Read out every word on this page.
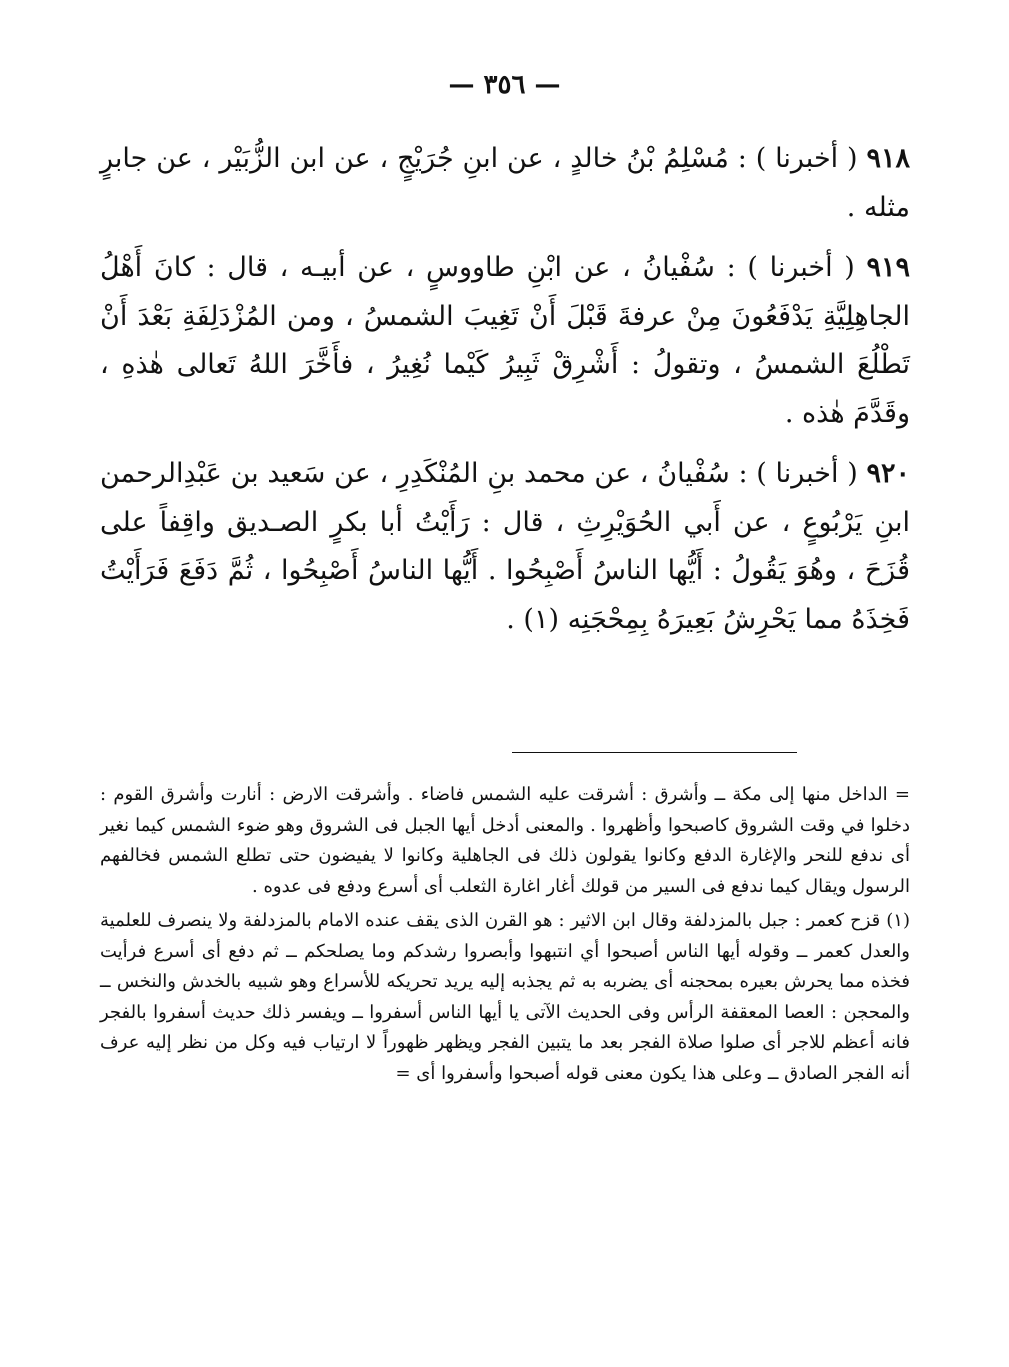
— ٣٥٦ —

٩١٨ ( أخبرنا ) : مُسْلِمُ بْنُ خالدٍ ، عن ابنِ جُرَيْجٍ ، عن ابن الزُّبَيْر ، عن جابرٍ مثله .

٩١٩ ( أخبرنا ) : سُفْيانُ ، عن ابْنِ طاووسٍ ، عن أبيـه ، قال : كانَ أَهْلُ الجاهِلِيَّةِ يَدْفَعُونَ مِنْ عرفةَ قَبْلَ أَنْ تَغِيبَ الشمسُ ، ومن المُزْدَلِفَةِ بَعْدَ أَنْ تَطْلُعَ الشمسُ ، وتقولُ : أَشْرِقْ ثَبِيرُ كَيْما نُغِيرُ ، فأَخَّرَ اللهُ تَعالى هٰذهِ ، وقَدَّمَ هٰذه .

٩٢٠ ( أخبرنا ) : سُفْيانُ ، عن محمد بنِ المُنْكَدِرِ ، عن سَعيد بن عَبْدِالرحمن ابنِ يَرْبُوعٍ ، عن أَبي الحُوَيْرِثِ ، قال : رَأَيْتُ أبا بكرٍ الصـديق واقِفاً على قُزَحَ ، وهُوَ يَقُولُ : أَيُّها الناسُ أَصْبِحُوا . أَيُّها الناسُ أَصْبِحُوا ، ثُمَّ دَفَعَ فَرَأَيْتُ فَخِذَهُ مما يَحْرِشُ بَعِيرَهُ بِمِحْجَنِه (١) .

= الداخل منها إلى مكة ــ وأشرق : أشرقت عليه الشمس فاضاء . وأشرقت الارض : أنارت وأشرق القوم : دخلوا في وقت الشروق كاصبحوا وأظهروا . والمعنى أدخل أيها الجبل فى الشروق وهو ضوء الشمس كيما نغير أى ندفع للنحر والإغارة الدفع وكانوا يقولون ذلك فى الجاهلية وكانوا لا يفيضون حتى تطلع الشمس فخالفهم الرسول ويقال كيما ندفع فى السير من قولك أغار اغارة الثعلب أى أسرع ودفع فى عدوه .

(١) قزح كعمر : جبل بالمزدلفة وقال ابن الاثير : هو القرن الذى يقف عنده الامام بالمزدلفة ولا ينصرف للعلمية والعدل كعمر ــ وقوله أيها الناس أصبحوا أي انتبهوا وأبصروا رشدكم وما يصلحكم ــ ثم دفع أى أسرع فرأيت فخذه مما يحرش بعيره بمحجنه أى يضربه به ثم يجذبه إليه يريد تحريكه للأسراع وهو شبيه بالخدش والنخس ــ والمحجن : العصا المعقفة الرأس وفى الحديث الآتى يا أيها الناس أسفروا ــ ويفسر ذلك حديث أسفروا بالفجر فانه أعظم للاجر أى صلوا صلاة الفجر بعد ما يتبين الفجر ويظهر ظهوراً لا ارتياب فيه وكل من نظر إليه عرف أنه الفجر الصادق ــ وعلى هذا يكون معنى قوله أصبحوا وأسفروا أى =
